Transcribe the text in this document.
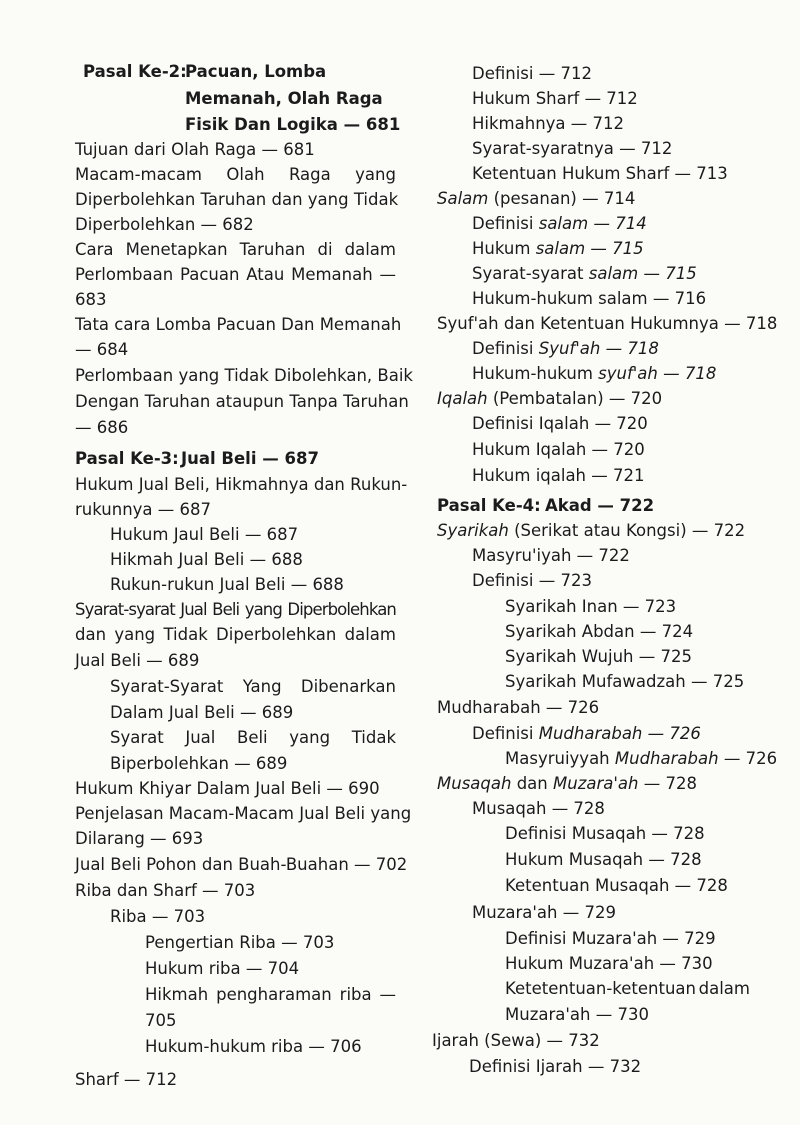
Pasal Ke-2:

Pacuan, Lomba

Memanah, Olah Raga

Fisik Dan Logika — 681

Tujuan dari Olah Raga — 681

Macam-macam Olah Raga yang

Diperbolehkan Taruhan dan yang Tidak

Diperbolehkan — 682

Cara Menetapkan Taruhan di dalam

Perlombaan Pacuan Atau Memanah —

683

Tata cara Lomba Pacuan Dan Memanah

— 684

Perlombaan yang Tidak Dibolehkan, Baik

Dengan Taruhan ataupun Tanpa Taruhan

— 686

Pasal Ke-3: Jual Beli — 687

Hukum Jual Beli, Hikmahnya dan Rukun-

rukunnya — 687

Hukum Jaul Beli — 687

Hikmah Jual Beli — 688

Rukun-rukun Jual Beli — 688

Syarat-syarat Jual Beli yang Diperbolehkan

dan yang Tidak Diperbolehkan dalam

Jual Beli — 689

Syarat-Syarat Yang Dibenarkan

Dalam Jual Beli — 689

Syarat Jual Beli yang Tidak

Biperbolehkan — 689

Hukum Khiyar Dalam Jual Beli — 690

Penjelasan Macam-Macam Jual Beli yang

Dilarang — 693

Jual Beli Pohon dan Buah-Buahan — 702

Riba dan Sharf — 703

Riba — 703

Pengertian Riba — 703

Hukum riba — 704

Hikmah pengharaman riba —

705

Hukum-hukum riba — 706

Sharf — 712

Definisi — 712

Hukum Sharf — 712

Hikmahnya — 712

Syarat-syaratnya — 712

Ketentuan Hukum Sharf — 713

Salam (pesanan) — 714

Definisi salam — 714

Hukum salam — 715

Syarat-syarat salam — 715

Hukum-hukum salam — 716

Syuf'ah dan Ketentuan Hukumnya — 718

Definisi Syuf'ah — 718

Hukum-hukum syuf'ah — 718

Iqalah (Pembatalan) — 720

Definisi Iqalah — 720

Hukum Iqalah — 720

Hukum iqalah — 721

Pasal Ke-4: Akad — 722

Syarikah (Serikat atau Kongsi) — 722

Masyru'iyah — 722

Definisi — 723

Syarikah Inan — 723

Syarikah Abdan — 724

Syarikah Wujuh — 725

Syarikah Mufawadzah — 725

Mudharabah — 726

Definisi Mudharabah — 726

Masyruiyyah Mudharabah — 726

Musaqah dan Muzara'ah — 728

Musaqah — 728

Definisi Musaqah — 728

Hukum Musaqah — 728

Ketentuan Musaqah — 728

Muzara'ah — 729

Definisi Muzara'ah — 729

Hukum Muzara'ah — 730

Ketetentuan-ketentuan dalam

Muzara'ah — 730

Ijarah (Sewa) — 732

Definisi Ijarah — 732
